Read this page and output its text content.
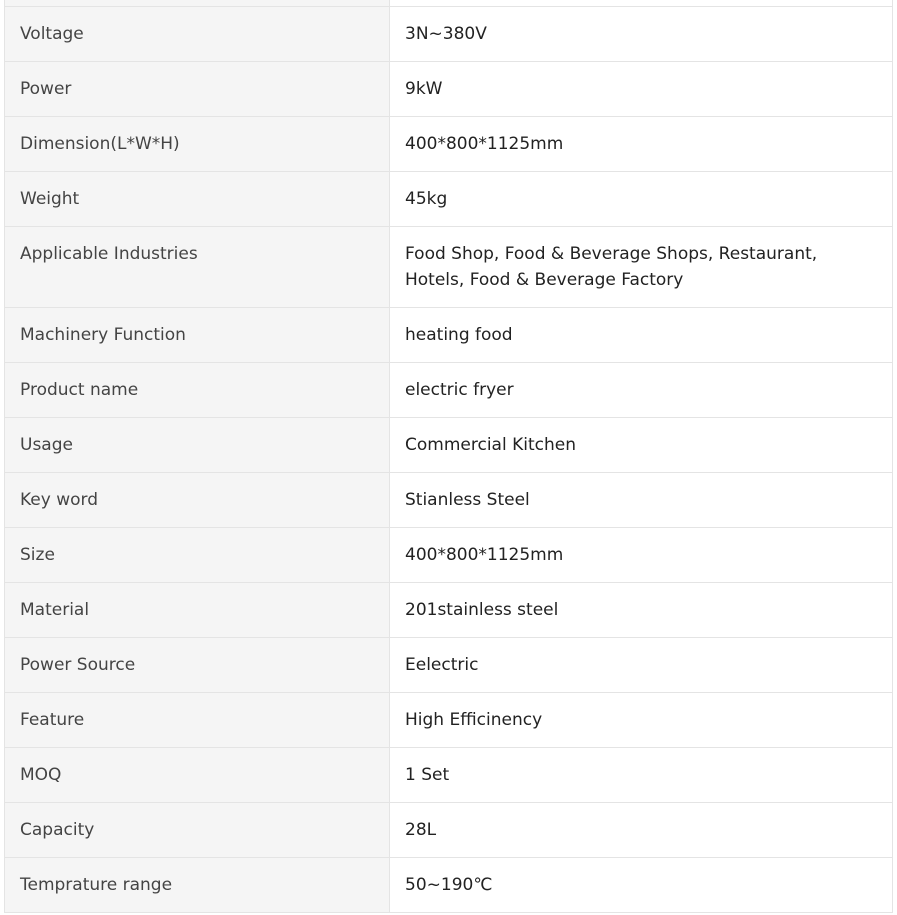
Voltage	3N~380V
Power	9kW
Dimension(L*W*H)	400*800*1125mm
Weight	45kg
Applicable Industries	Food Shop, Food & Beverage Shops, Restaurant, Hotels, Food & Beverage Factory
Machinery Function	heating food
Product name	electric fryer
Usage	Commercial Kitchen
Key word	Stianless Steel
Size	400*800*1125mm
Material	201stainless steel
Power Source	Eelectric
Feature	High Efficinency
MOQ	1 Set
Capacity	28L
Temprature range	50~190℃
